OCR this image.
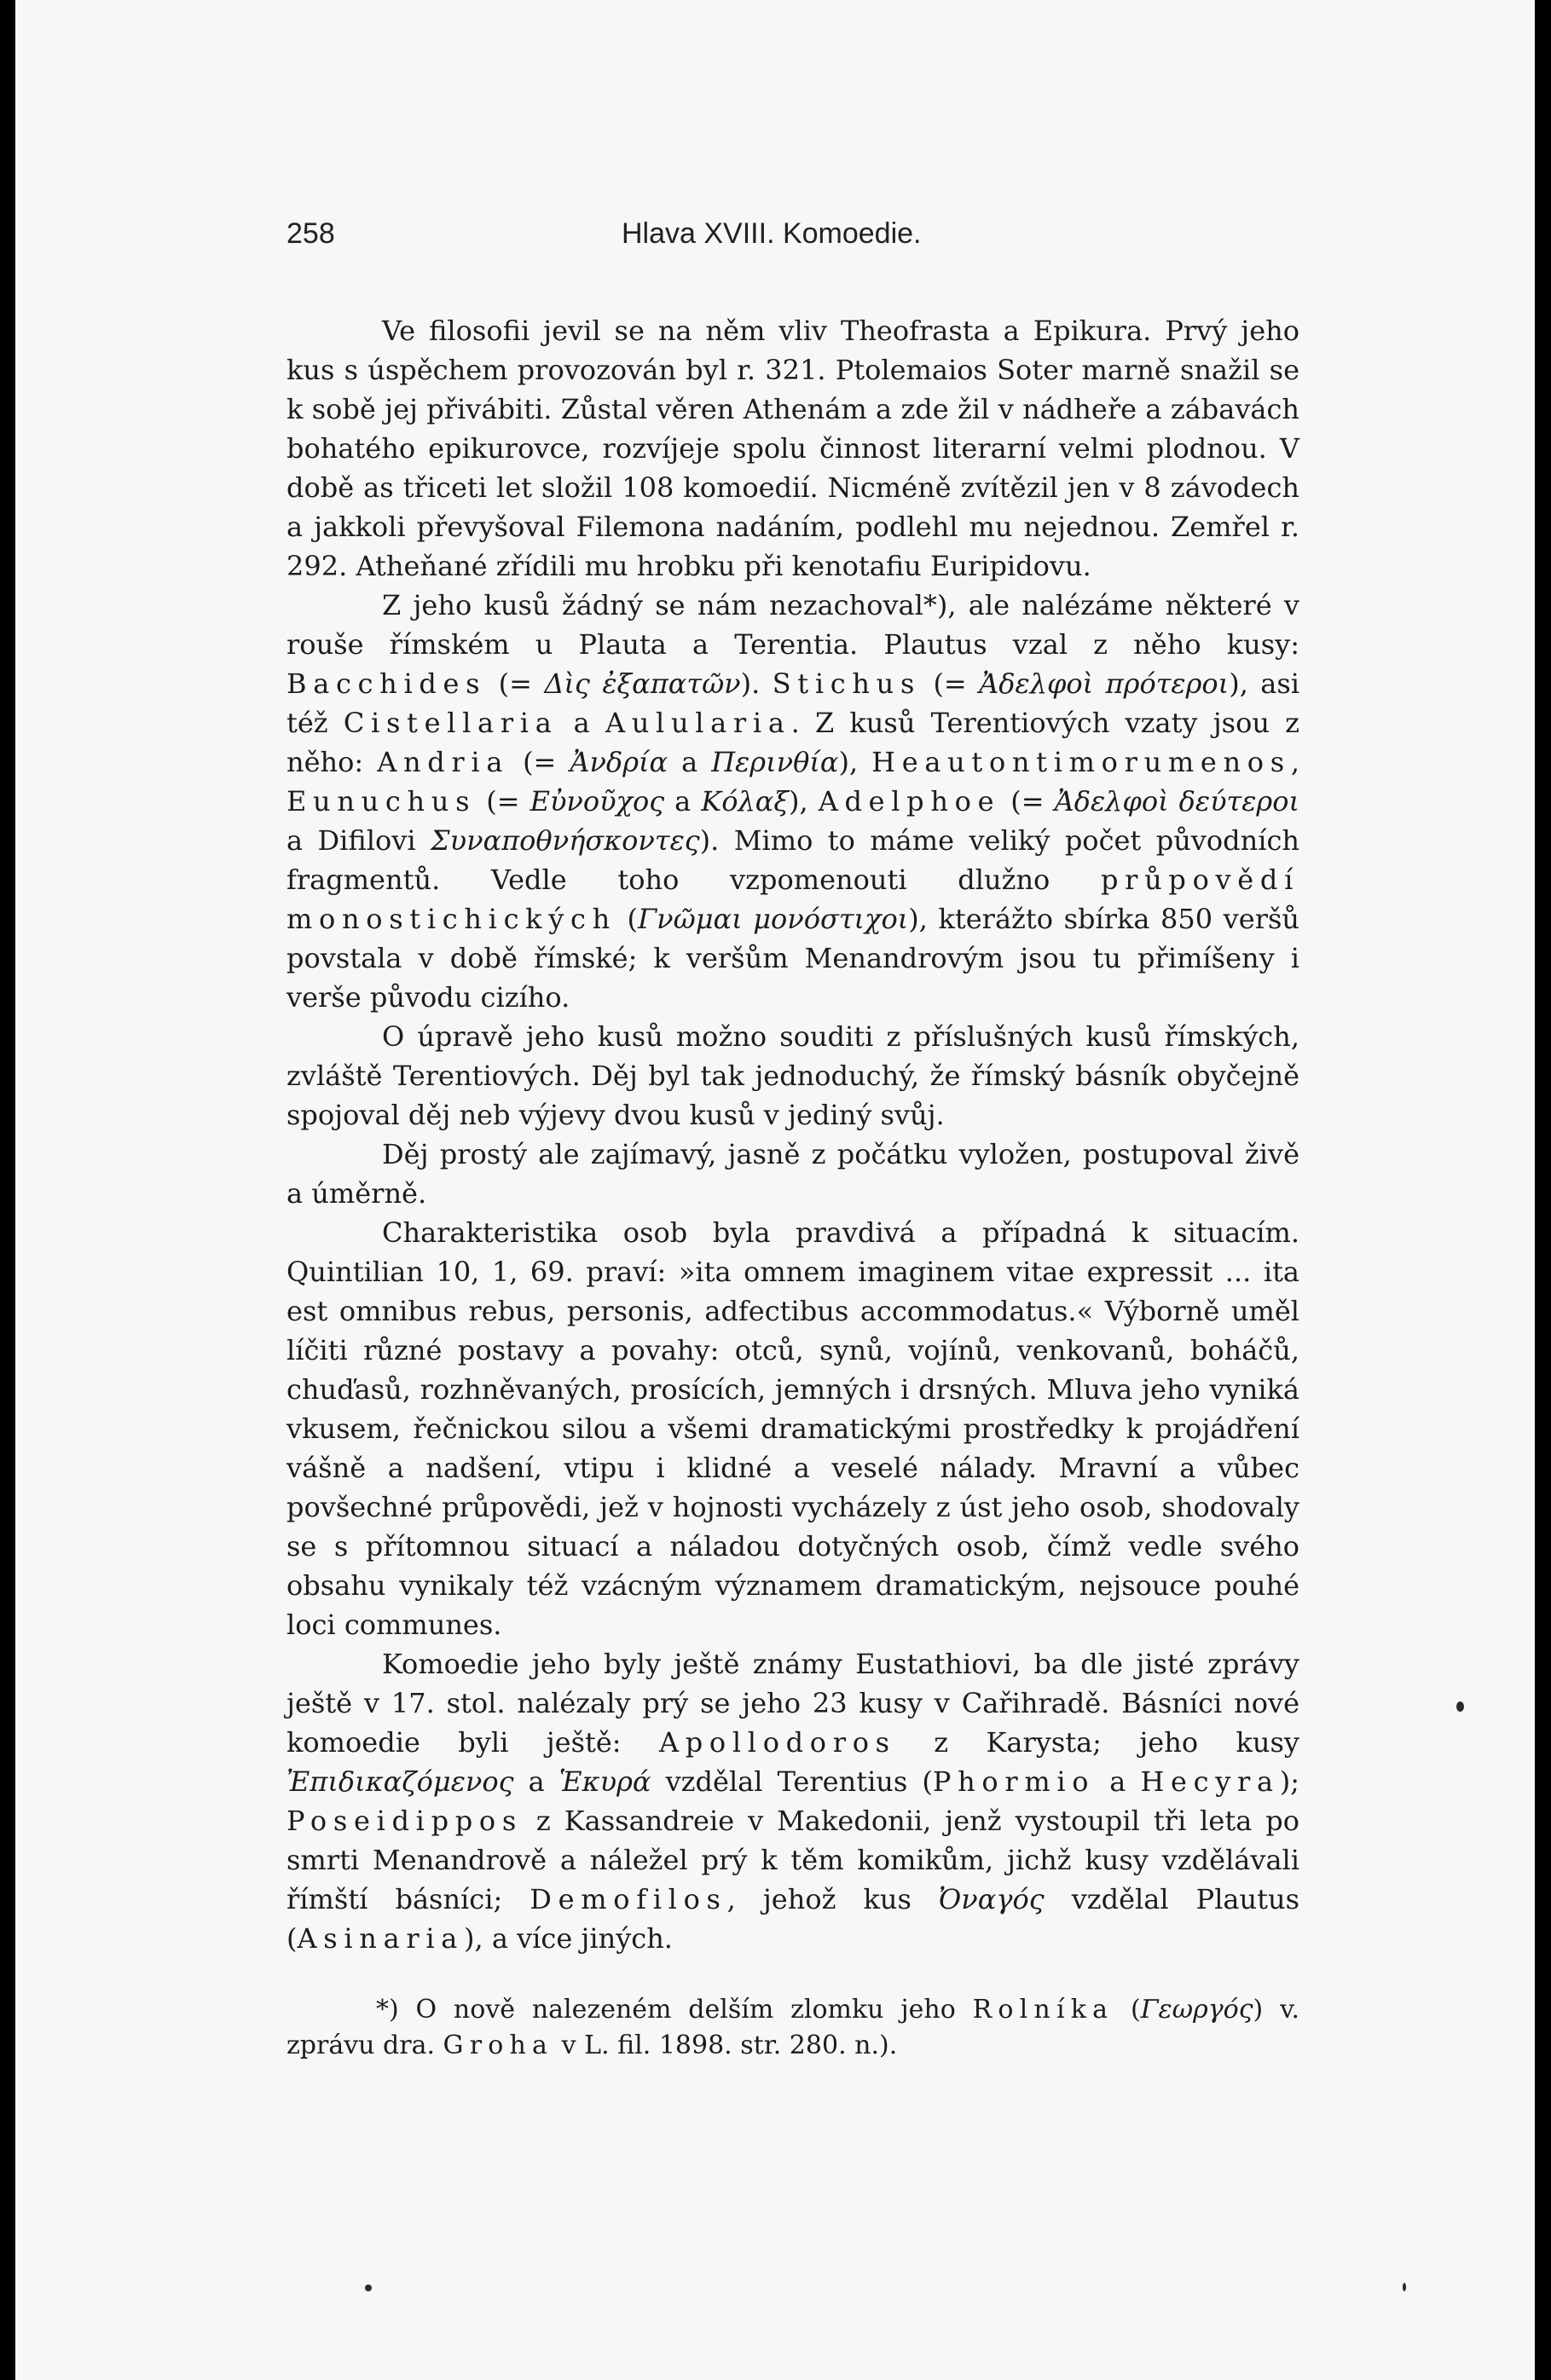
258	Hlava XVIII. Komoedie.

Ve filosofii jevil se na něm vliv Theofrasta a Epikura. Prvý jeho kus s úspěchem provozován byl r. 321. Ptolemaios Soter marně snažil se k sobě jej přivábiti. Zůstal věren Athenám a zde žil v nádheře a zábavách bohatého epikurovce, rozvíjeje spolu činnost literarní velmi plodnou. V době as třiceti let složil 108 komoedií. Nicméně zvítězil jen v 8 závodech a jakkoli převyšoval Filemona nadáním, podlehl mu nejednou. Zemřel r. 292. Atheňané zřídili mu hrobku při kenotafiu Euripidovu.

Z jeho kusů žádný se nám nezachoval*), ale nalézáme některé v rouše římském u Plauta a Terentia. Plautus vzal z něho kusy: Bacchides (= Δὶς ἐξαπατῶν). Stichus (= Ἀδελφοὶ πρότεροι), asi též Cistellaria a Aulularia. Z kusů Terentiových vzaty jsou z něho: Andria (= Ἀνδρία a Περινθία), Heautontimorumenos, Eunuchus (= Εὐνοῦχος a Κόλαξ), Adelphoe (= Ἀδελφοὶ δεύτεροι a Difilovi Συναποθνήσκοντες). Mimo to máme veliký počet původních fragmentů. Vedle toho vzpomenouti dlužno průpovědí monostichických (Γνῶμαι μονόστιχοι), kterážto sbírka 850 veršů povstala v době římské; k veršům Menandrovým jsou tu přimíšeny i verše původu cizího.

O úpravě jeho kusů možno souditi z příslušných kusů římských, zvláště Terentiových. Děj byl tak jednoduchý, že římský básník obyčejně spojoval děj neb výjevy dvou kusů v jediný svůj.

Děj prostý ale zajímavý, jasně z počátku vyložen, postupoval živě a úměrně.

Charakteristika osob byla pravdivá a případná k situacím. Quintilian 10, 1, 69. praví: »ita omnem imaginem vitae expressit ... ita est omnibus rebus, personis, adfectibus accommodatus.« Výborně uměl líčiti různé postavy a povahy: otců, synů, vojínů, venkovanů, boháčů, chuďasů, rozhněvaných, prosících, jemných i drsných. Mluva jeho vyniká vkusem, řečnickou silou a všemi dramatickými prostředky k projádření vášně a nadšení, vtipu i klidné a veselé nálady. Mravní a vůbec povšechné průpovědi, jež v hojnosti vycházely z úst jeho osob, shodovaly se s přítomnou situací a náladou dotyčných osob, čímž vedle svého obsahu vynikaly též vzácným významem dramatickým, nejsouce pouhé loci communes.

Komoedie jeho byly ještě známy Eustathiovi, ba dle jisté zprávy ještě v 17. stol. nalézaly prý se jeho 23 kusy v Cařihradě. Básníci nové komoedie byli ještě: Apollodoros z Karysta; jeho kusy Ἐπιδικαζόμενος a Ἑκυρά vzdělal Terentius (Phormio a Hecyra); Poseidippos z Kassandreie v Makedonii, jenž vystoupil tři leta po smrti Menandrově a náležel prý k těm komikům, jichž kusy vzdělávali římští básníci; Demofilos, jehož kus Ὀναγός vzdělal Plautus (Asinaria), a více jiných.

*) O nově nalezeném delším zlomku jeho Rolníka (Γεωργός) v. zprávu dra. Groha v L. fil. 1898. str. 280. n.).
